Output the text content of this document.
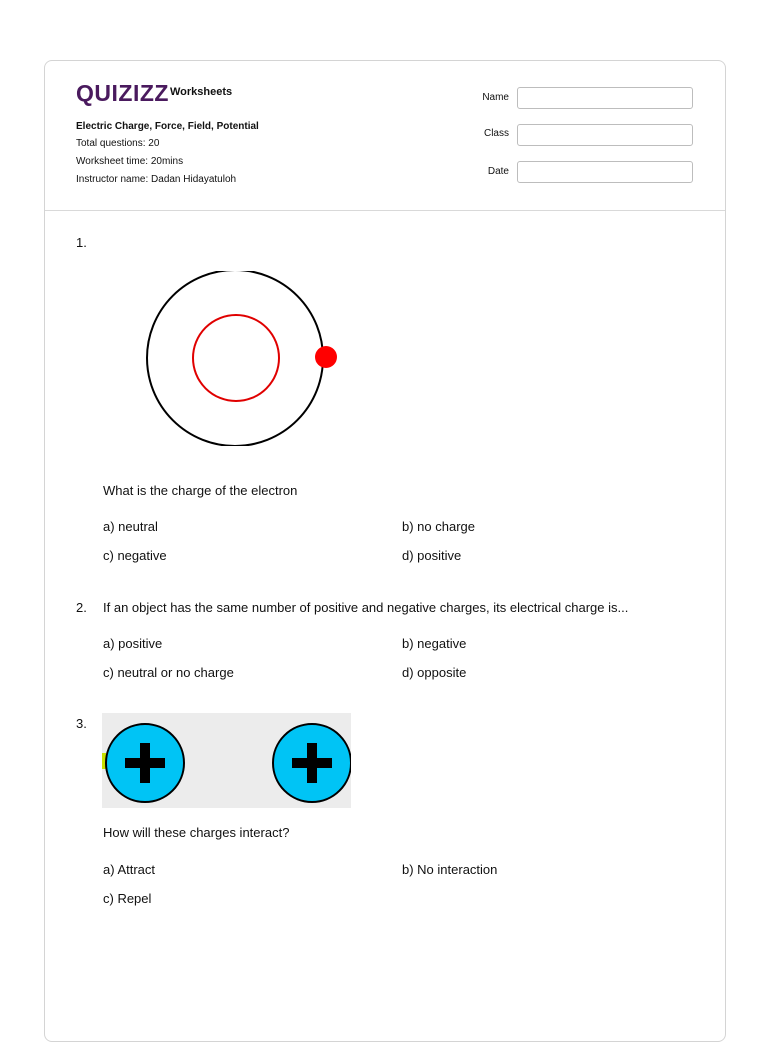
QUIZIZZ Worksheets
Electric Charge, Force, Field, Potential
Total questions: 20
Worksheet time: 20mins
Instructor name: Dadan Hidayatuloh
Name
Class
Date
1.
What is the charge of the electron
a) neutral	b) no charge
c) negative	d) positive
2. If an object has the same number of positive and negative charges, its electrical charge is...
a) positive	b) negative
c) neutral or no charge	d) opposite
3.
How will these charges interact?
a) Attract	b) No interaction
c) Repel
